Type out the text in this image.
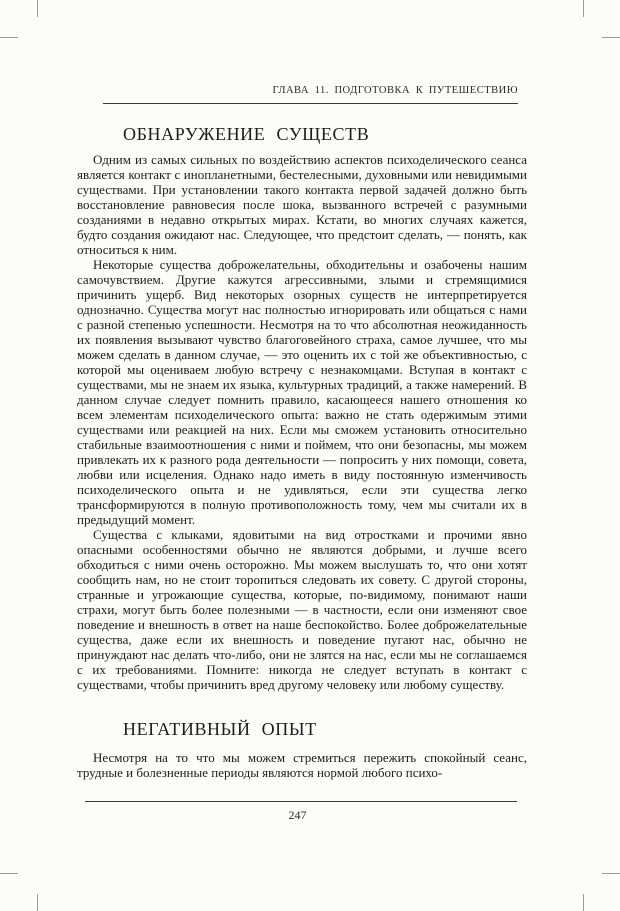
ГЛАВА 11. ПОДГОТОВКА К ПУТЕШЕСТВИЮ
ОБНАРУЖЕНИЕ СУЩЕСТВ

Одним из самых сильных по воздействию аспектов психоделического сеанса является контакт с инопланетными, бестелесными, духовными или невидимыми существами. При установлении такого контакта первой задачей должно быть восстановление равновесия после шока, вызванного встречей с разумными созданиями в недавно открытых мирах. Кстати, во многих случаях кажется, будто создания ожидают нас. Следующее, что предстоит сделать, — понять, как относиться к ним.

Некоторые существа доброжелательны, обходительны и озабочены нашим самочувствием. Другие кажутся агрессивными, злыми и стремящимися причинить ущерб. Вид некоторых озорных существ не интерпретируется однозначно. Существа могут нас полностью игнорировать или общаться с нами с разной степенью успешности. Несмотря на то что абсолютная неожиданность их появления вызывают чувство благоговейного страха, самое лучшее, что мы можем сделать в данном случае, — это оценить их с той же объективностью, с которой мы оцениваем любую встречу с незнакомцами. Вступая в контакт с существами, мы не знаем их языка, культурных традиций, а также намерений. В данном случае следует помнить правило, касающееся нашего отношения ко всем элементам психоделического опыта: важно не стать одержимым этими существами или реакцией на них. Если мы сможем установить относительно стабильные взаимоотношения с ними и поймем, что они безопасны, мы можем привлекать их к разного рода деятельности — попросить у них помощи, совета, любви или исцеления. Однако надо иметь в виду постоянную изменчивость психоделического опыта и не удивляться, если эти существа легко трансформируются в полную противоположность тому, чем мы считали их в предыдущий момент.

Существа с клыками, ядовитыми на вид отростками и прочими явно опасными особенностями обычно не являются добрыми, и лучше всего обходиться с ними очень осторожно. Мы можем выслушать то, что они хотят сообщить нам, но не стоит торопиться следовать их совету. С другой стороны, странные и угрожающие существа, которые, по-видимому, понимают наши страхи, могут быть более полезными — в частности, если они изменяют свое поведение и внешность в ответ на наше беспокойство. Более доброжелательные существа, даже если их внешность и поведение пугают нас, обычно не принуждают нас делать что-либо, они не злятся на нас, если мы не соглашаемся с их требованиями. Помните: никогда не следует вступать в контакт с существами, чтобы причинить вред другому человеку или любому существу.

НЕГАТИВНЫЙ ОПЫТ

Несмотря на то что мы можем стремиться пережить спокойный сеанс, трудные и болезненные периоды являются нормой любого психо-

247
